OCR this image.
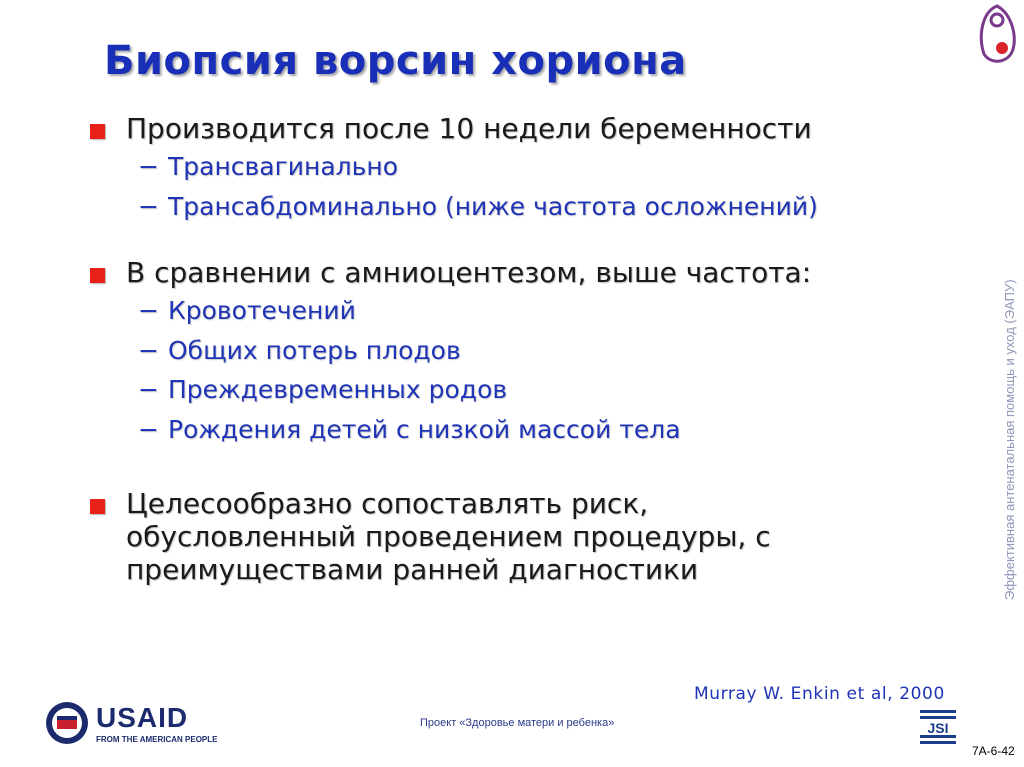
Биопсия ворсин хориона
Производится после 10 недели беременности
− Трансвагинально
− Трансабдоминально (ниже частота осложнений)
В сравнении с амниоцентезом, выше частота:
− Кровотечений
− Общих потерь плодов
− Преждевременных родов
− Рождения детей с низкой массой тела
Целесообразно сопоставлять риск,
обусловленный проведением процедуры, с
преимуществами ранней диагностики
Murray W. Enkin et al, 2000
Эффективная антенатальная помощь и уход (ЭАПУ)
USAID
FROM THE AMERICAN PEOPLE
Проект «Здоровье матери и ребенка»	JSI
7A-6-42
